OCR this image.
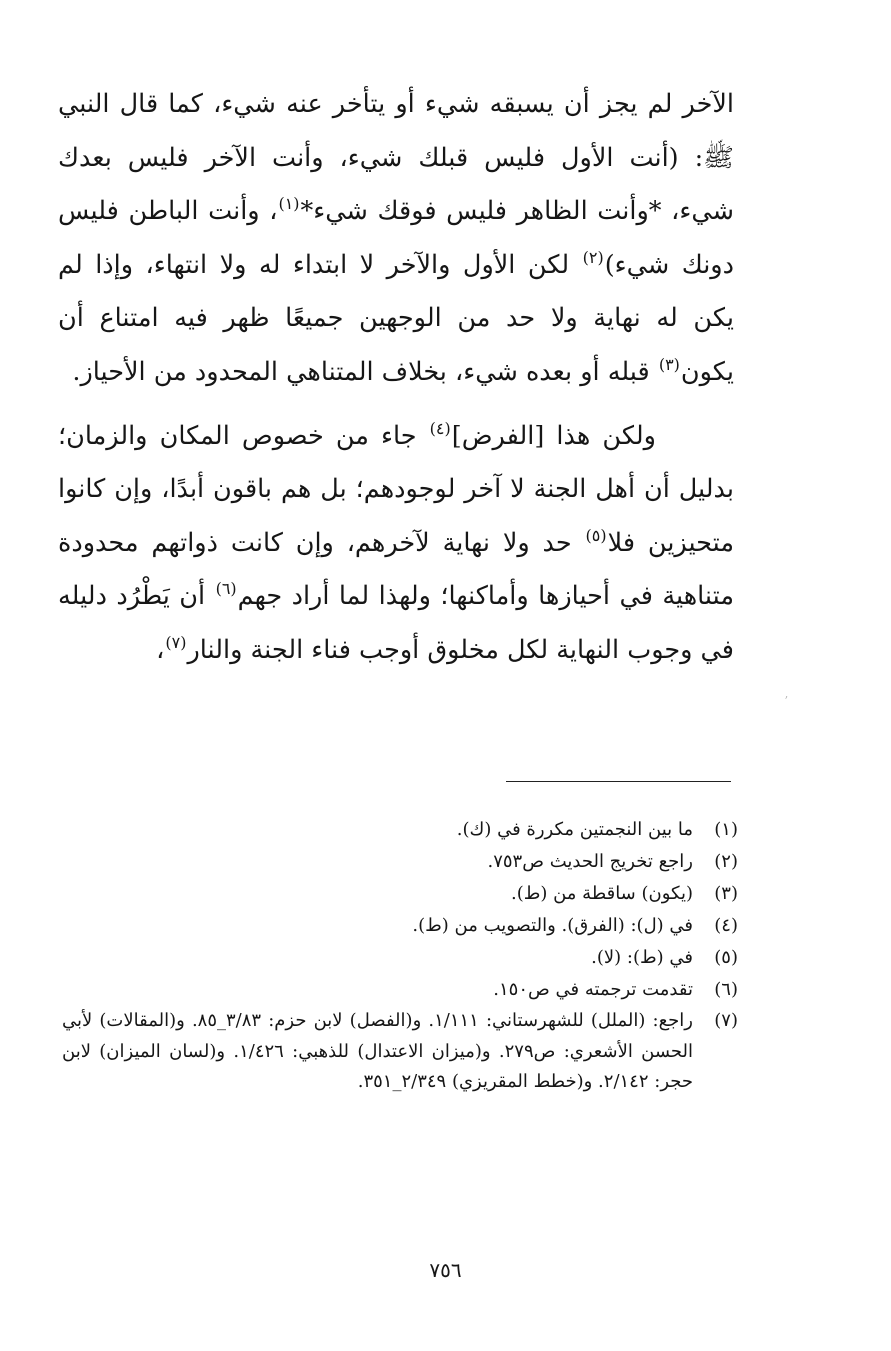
الآخر لم يجز أن يسبقه شيء أو يتأخر عنه شيء، كما قال النبي ﷺ: (أنت الأول فليس قبلك شيء، وأنت الآخر فليس بعدك شيء، *وأنت الظاهر فليس فوقك شيء*$^{(١)}$، وأنت الباطن فليس دونك شيء)$^{(٢)}$ لكن الأول والآخر لا ابتداء له ولا انتهاء، وإذا لم يكن له نهاية ولا حد من الوجهين جميعًا ظهر فيه امتناع أن يكون$^{(٣)}$ قبله أو بعده شيء، بخلاف المتناهي المحدود من الأحياز.

ولكن هذا [الفرض]$^{(٤)}$ جاء من خصوص المكان والزمان؛ بدليل أن أهل الجنة لا آخر لوجودهم؛ بل هم باقون أبدًا، وإن كانوا متحيزين فلا$^{(٥)}$ حد ولا نهاية لآخرهم، وإن كانت ذواتهم محدودة متناهية في أحيازها وأماكنها؛ ولهذا لما أراد جهم$^{(٦)}$ أن يَطْرُد دليله في وجوب النهاية لكل مخلوق أوجب فناء الجنة والنار$^{(٧)}$،

ʼ
(١)
ما بين النجمتين مكررة في (ك).
(٢)
راجع تخريج الحديث ص٧٥٣.
(٣)
(يكون) ساقطة من (ط).
(٤)
في (ل): (الفرق). والتصويب من (ط).
(٥)
في (ط): (لا).
(٦)
تقدمت ترجمته في ص١٥٠.
(٧)
راجع: (الملل) للشهرستاني: ١/١١١. و(الفصل) لابن حزم: ٣/٨٣_٨٥. و(المقالات) لأبي الحسن الأشعري: ص٢٧٩. و(ميزان الاعتدال) للذهبي: ١/٤٢٦. و(لسان الميزان) لابن حجر: ٢/١٤٢. و(خطط المقريزي) ٢/٣٤٩_٣٥١.
٧٥٦
